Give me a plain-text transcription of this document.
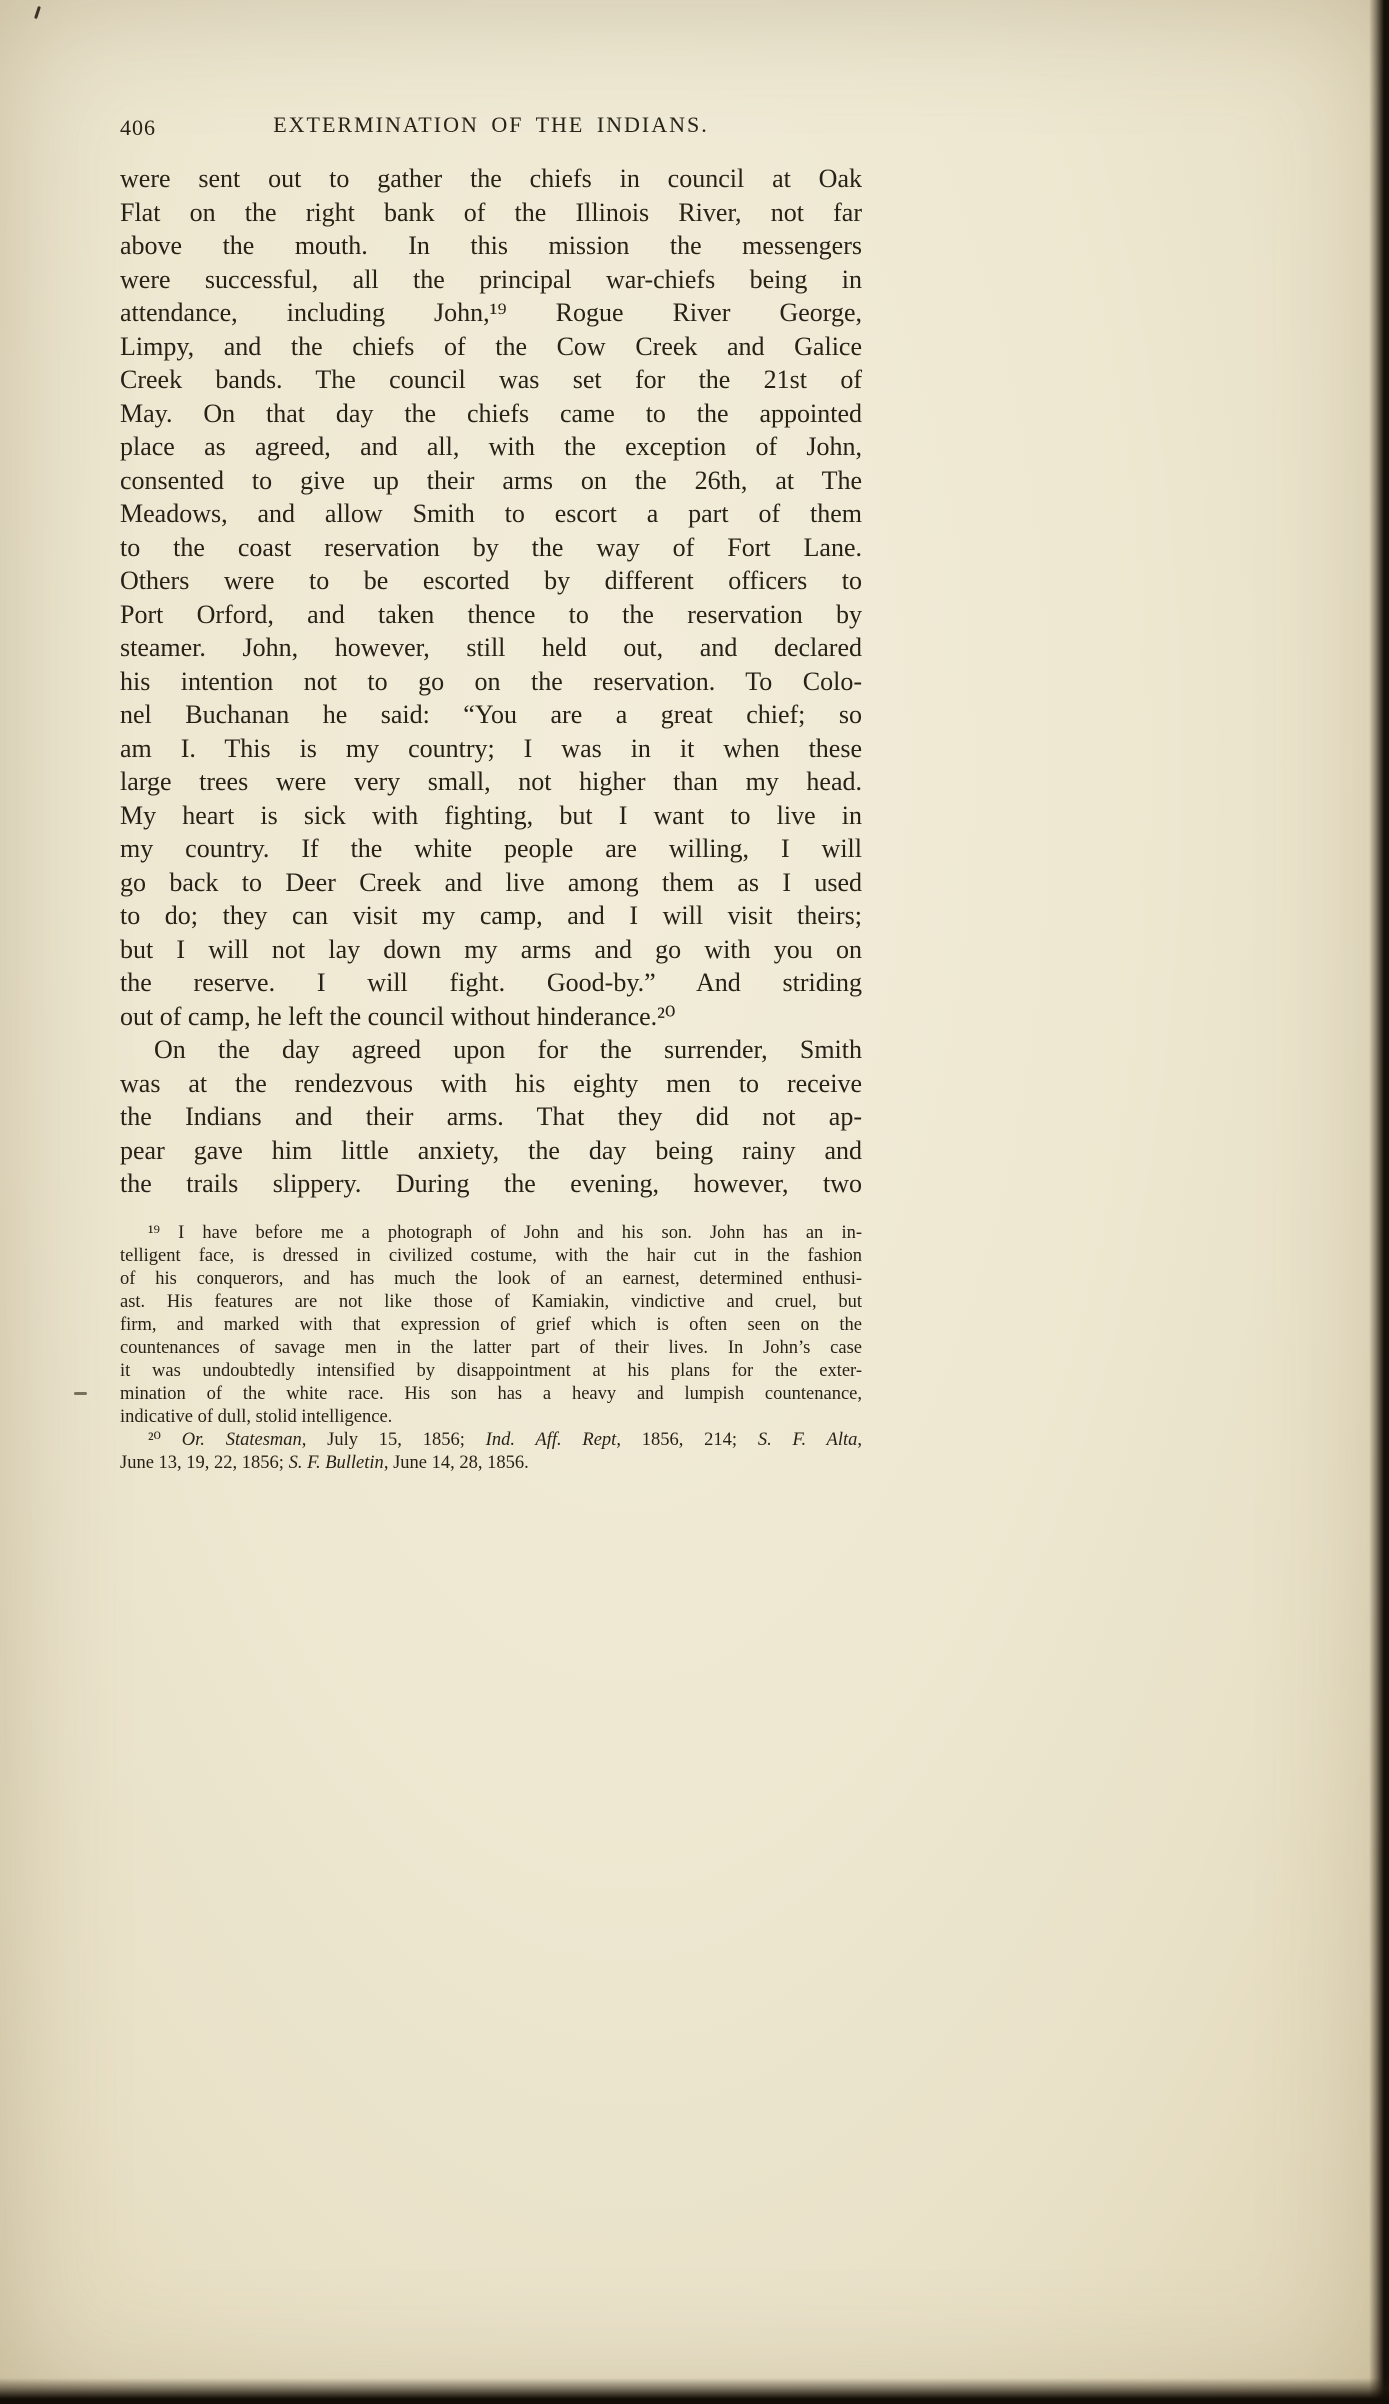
406	EXTERMINATION OF THE INDIANS.
were sent out to gather the chiefs in council at Oak
Flat on the right bank of the Illinois River, not far
above the mouth. In this mission the messengers
were successful, all the principal war-chiefs being in
attendance, including John,¹⁹ Rogue River George,
Limpy, and the chiefs of the Cow Creek and Galice
Creek bands. The council was set for the 21st of
May. On that day the chiefs came to the appointed
place as agreed, and all, with the exception of John,
consented to give up their arms on the 26th, at The
Meadows, and allow Smith to escort a part of them
to the coast reservation by the way of Fort Lane.
Others were to be escorted by different officers to
Port Orford, and taken thence to the reservation by
steamer. John, however, still held out, and declared
his intention not to go on the reservation. To Colo-
nel Buchanan he said: “You are a great chief; so
am I. This is my country; I was in it when these
large trees were very small, not higher than my head.
My heart is sick with fighting, but I want to live in
my country. If the white people are willing, I will
go back to Deer Creek and live among them as I used
to do; they can visit my camp, and I will visit theirs;
but I will not lay down my arms and go with you on
the reserve. I will fight. Good-by.” And striding
out of camp, he left the council without hinderance.²⁰
On the day agreed upon for the surrender, Smith
was at the rendezvous with his eighty men to receive
the Indians and their arms. That they did not ap-
pear gave him little anxiety, the day being rainy and
the trails slippery. During the evening, however, two
¹⁹ I have before me a photograph of John and his son. John has an in-
telligent face, is dressed in civilized costume, with the hair cut in the fashion
of his conquerors, and has much the look of an earnest, determined enthusi-
ast. His features are not like those of Kamiakin, vindictive and cruel, but
firm, and marked with that expression of grief which is often seen on the
countenances of savage men in the latter part of their lives. In John’s case
it was undoubtedly intensified by disappointment at his plans for the exter-
mination of the white race. His son has a heavy and lumpish countenance,
indicative of dull, stolid intelligence.
²⁰ Or. Statesman, July 15, 1856; Ind. Aff. Rept, 1856, 214; S. F. Alta,
June 13, 19, 22, 1856; S. F. Bulletin, June 14, 28, 1856.
